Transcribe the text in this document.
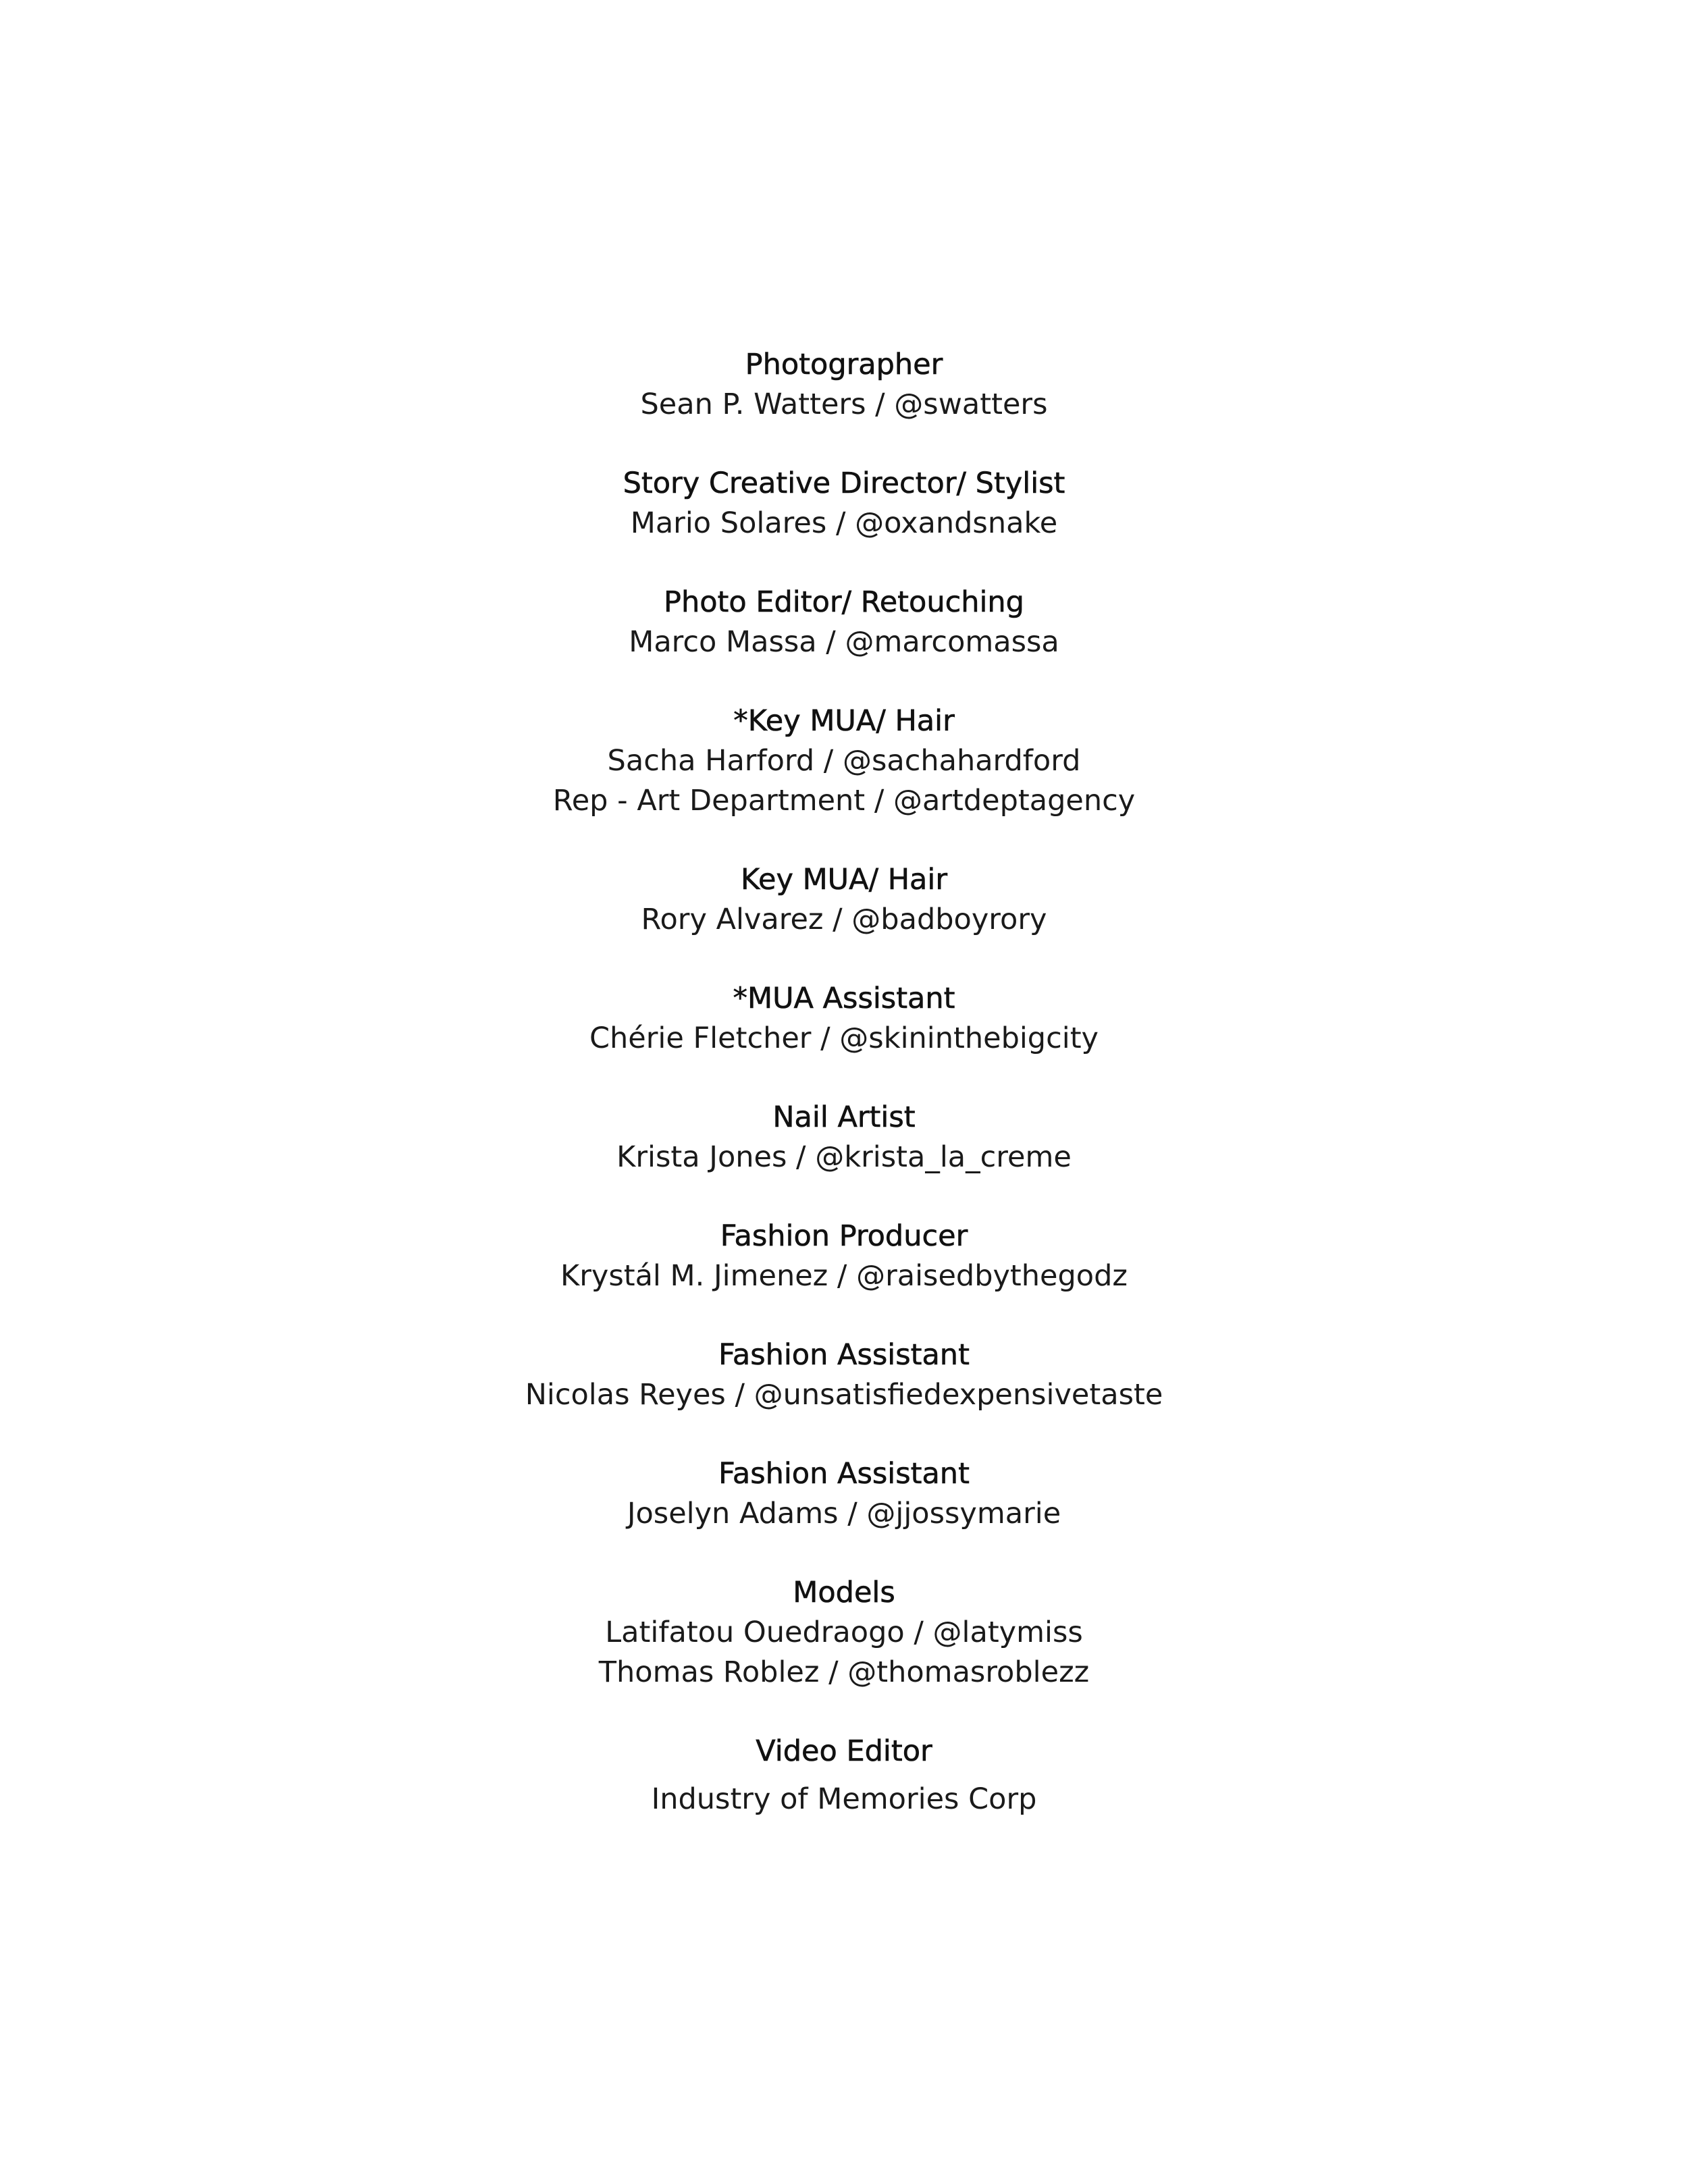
Photographer
Sean P. Watters / @swatters
Story Creative Director/ Stylist
Mario Solares / @oxandsnake
Photo Editor/ Retouching
Marco Massa / @marcomassa
*Key MUA/ Hair
Sacha Harford / @sachahardford
Rep - Art Department / @artdeptagency
Key MUA/ Hair
Rory Alvarez / @badboyrory
*MUA Assistant
Chérie Fletcher / @skininthebigcity
Nail Artist
Krista Jones / @krista_la_creme
Fashion Producer
Krystál M. Jimenez / @raisedbythegodz
Fashion Assistant
Nicolas Reyes / @unsatisfiedexpensivetaste
Fashion Assistant
Joselyn Adams / @jjossymarie
Models
Latifatou Ouedraogo / @latymiss
Thomas Roblez / @thomasroblezz
Video Editor
Industry of Memories Corp
